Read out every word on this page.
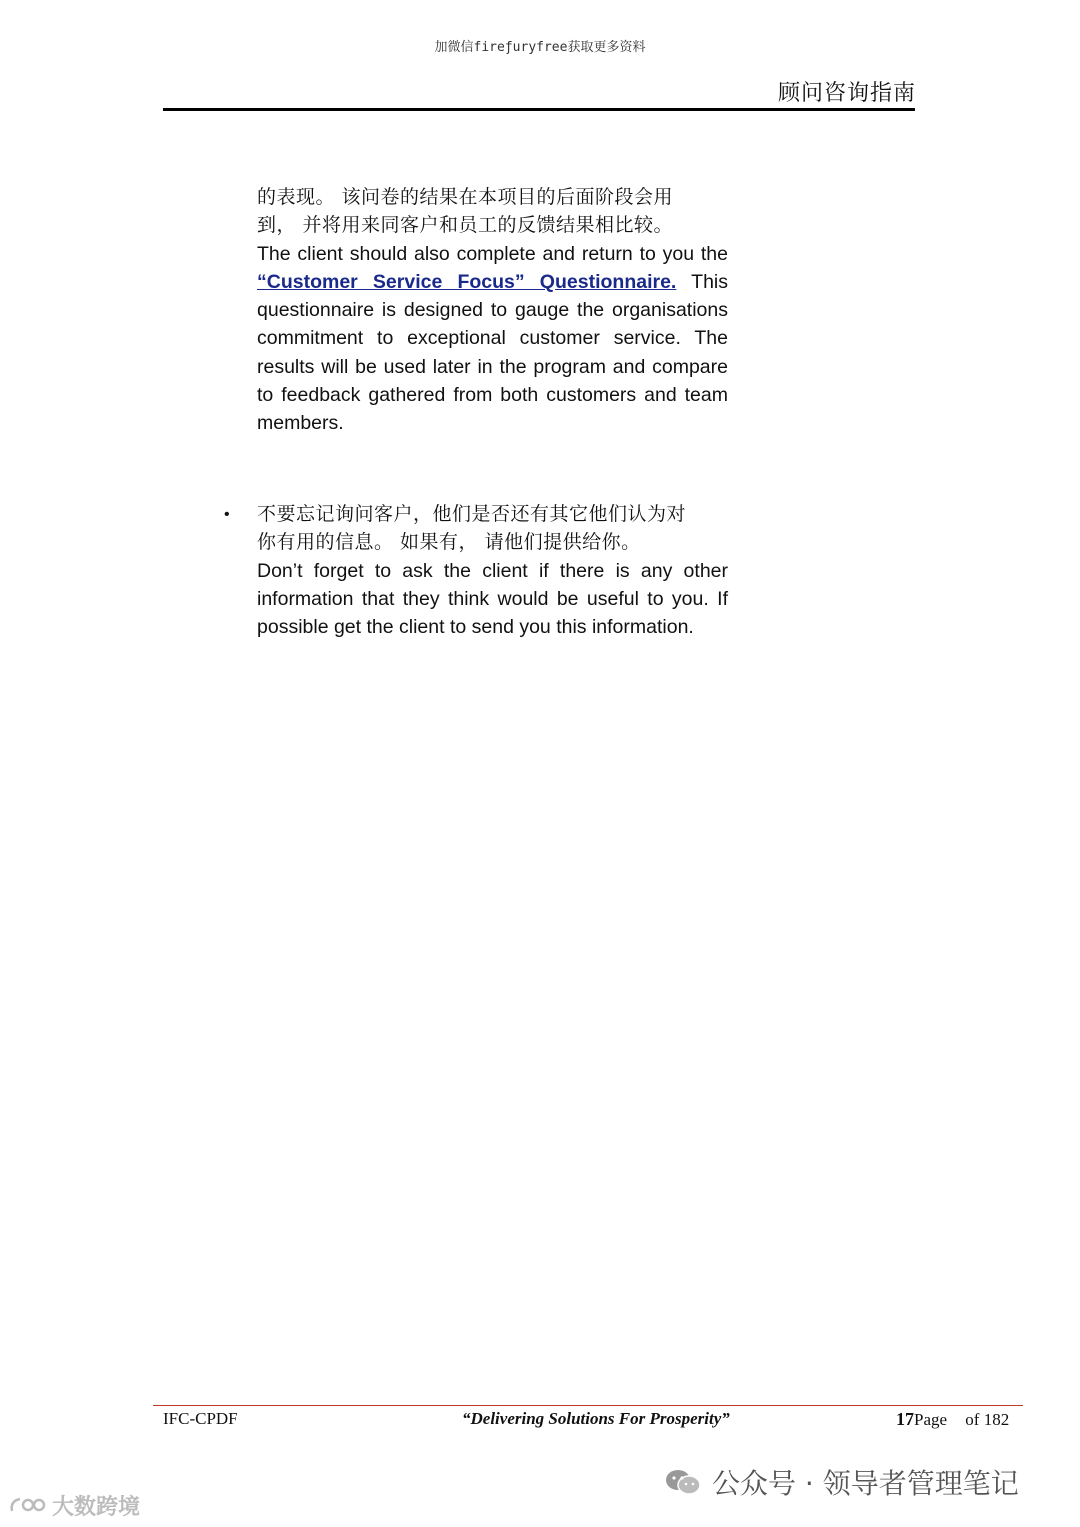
加微信fireƒuryfree获取更多资料
顾问咨询指南
的表现。 该问卷的结果在本项目的后面阶段会用
到， 并将用来同客户和员工的反馈结果相比较。
The client should also complete and return to you the “Customer Service Focus” Questionnaire. This questionnaire is designed to gauge the organisations commitment to exceptional customer service. The results will be used later in the program and compare to feedback gathered from both customers and team members.
• 不要忘记询问客户，他们是否还有其它他们认为对
你有用的信息。 如果有， 请他们提供给你。
Don’t forget to ask the client if there is any other information that they think would be useful to you. If possible get the client to send you this information.
IFC-CPDF	“Delivering Solutions For Prosperity”	17Page of 182
大数跨境
公众号 · 领导者管理笔记
